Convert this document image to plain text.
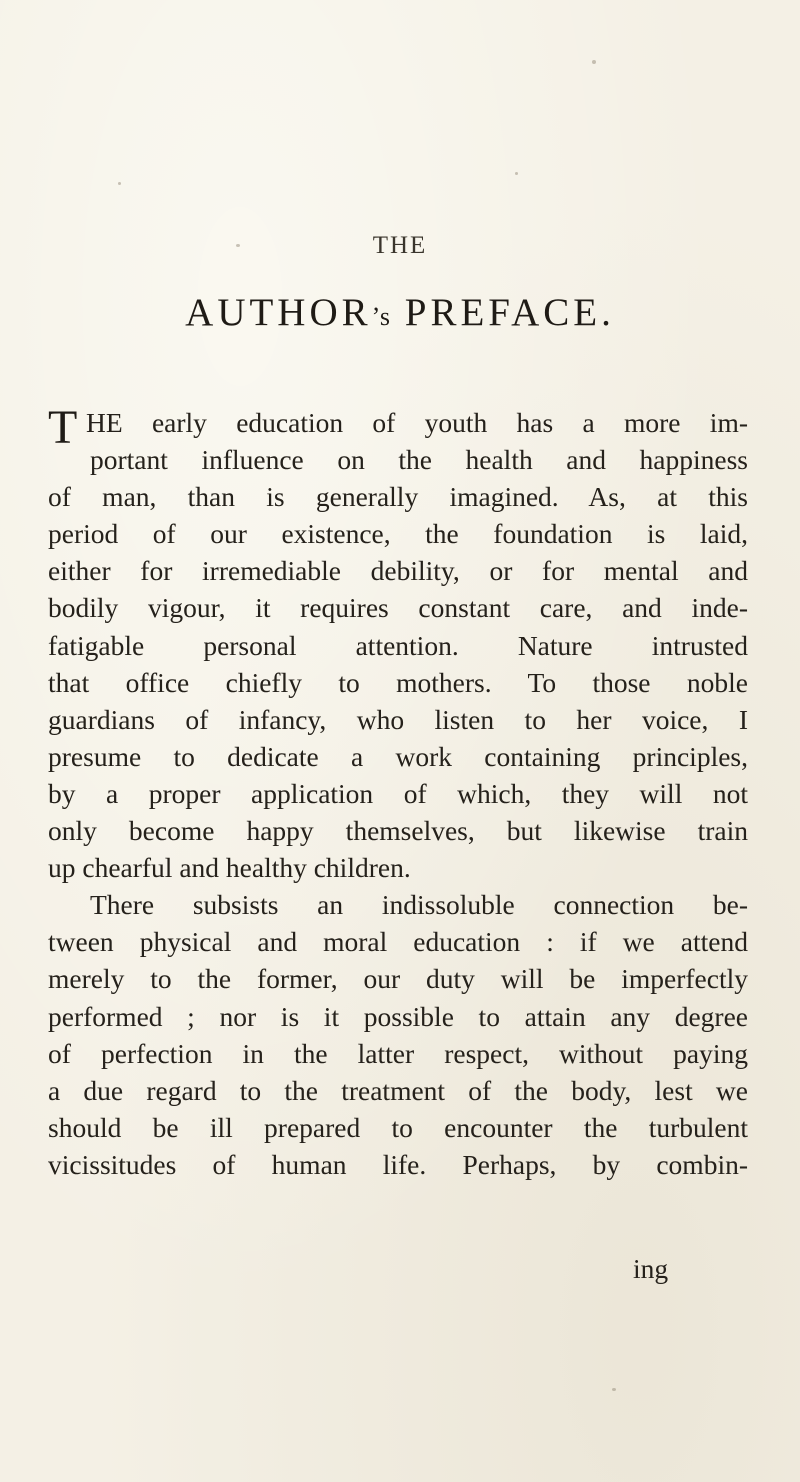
THE
AUTHOR’s PREFACE.
T HE early education of youth has a more im-
portant influence on the health and happiness
of man, than is generally imagined. As, at this
period of our existence, the foundation is laid,
either for irremediable debility, or for mental and
bodily vigour, it requires constant care, and inde-
fatigable personal attention. Nature intrusted
that office chiefly to mothers. To those noble
guardians of infancy, who listen to her voice, I
presume to dedicate a work containing principles,
by a proper application of which, they will not
only become happy themselves, but likewise train
up chearful and healthy children.
There subsists an indissoluble connection be-
tween physical and moral education : if we attend
merely to the former, our duty will be imperfectly
performed ; nor is it possible to attain any degree
of perfection in the latter respect, without paying
a due regard to the treatment of the body, lest we
should be ill prepared to encounter the turbulent
vicissitudes of human life. Perhaps, by combin-
ing
